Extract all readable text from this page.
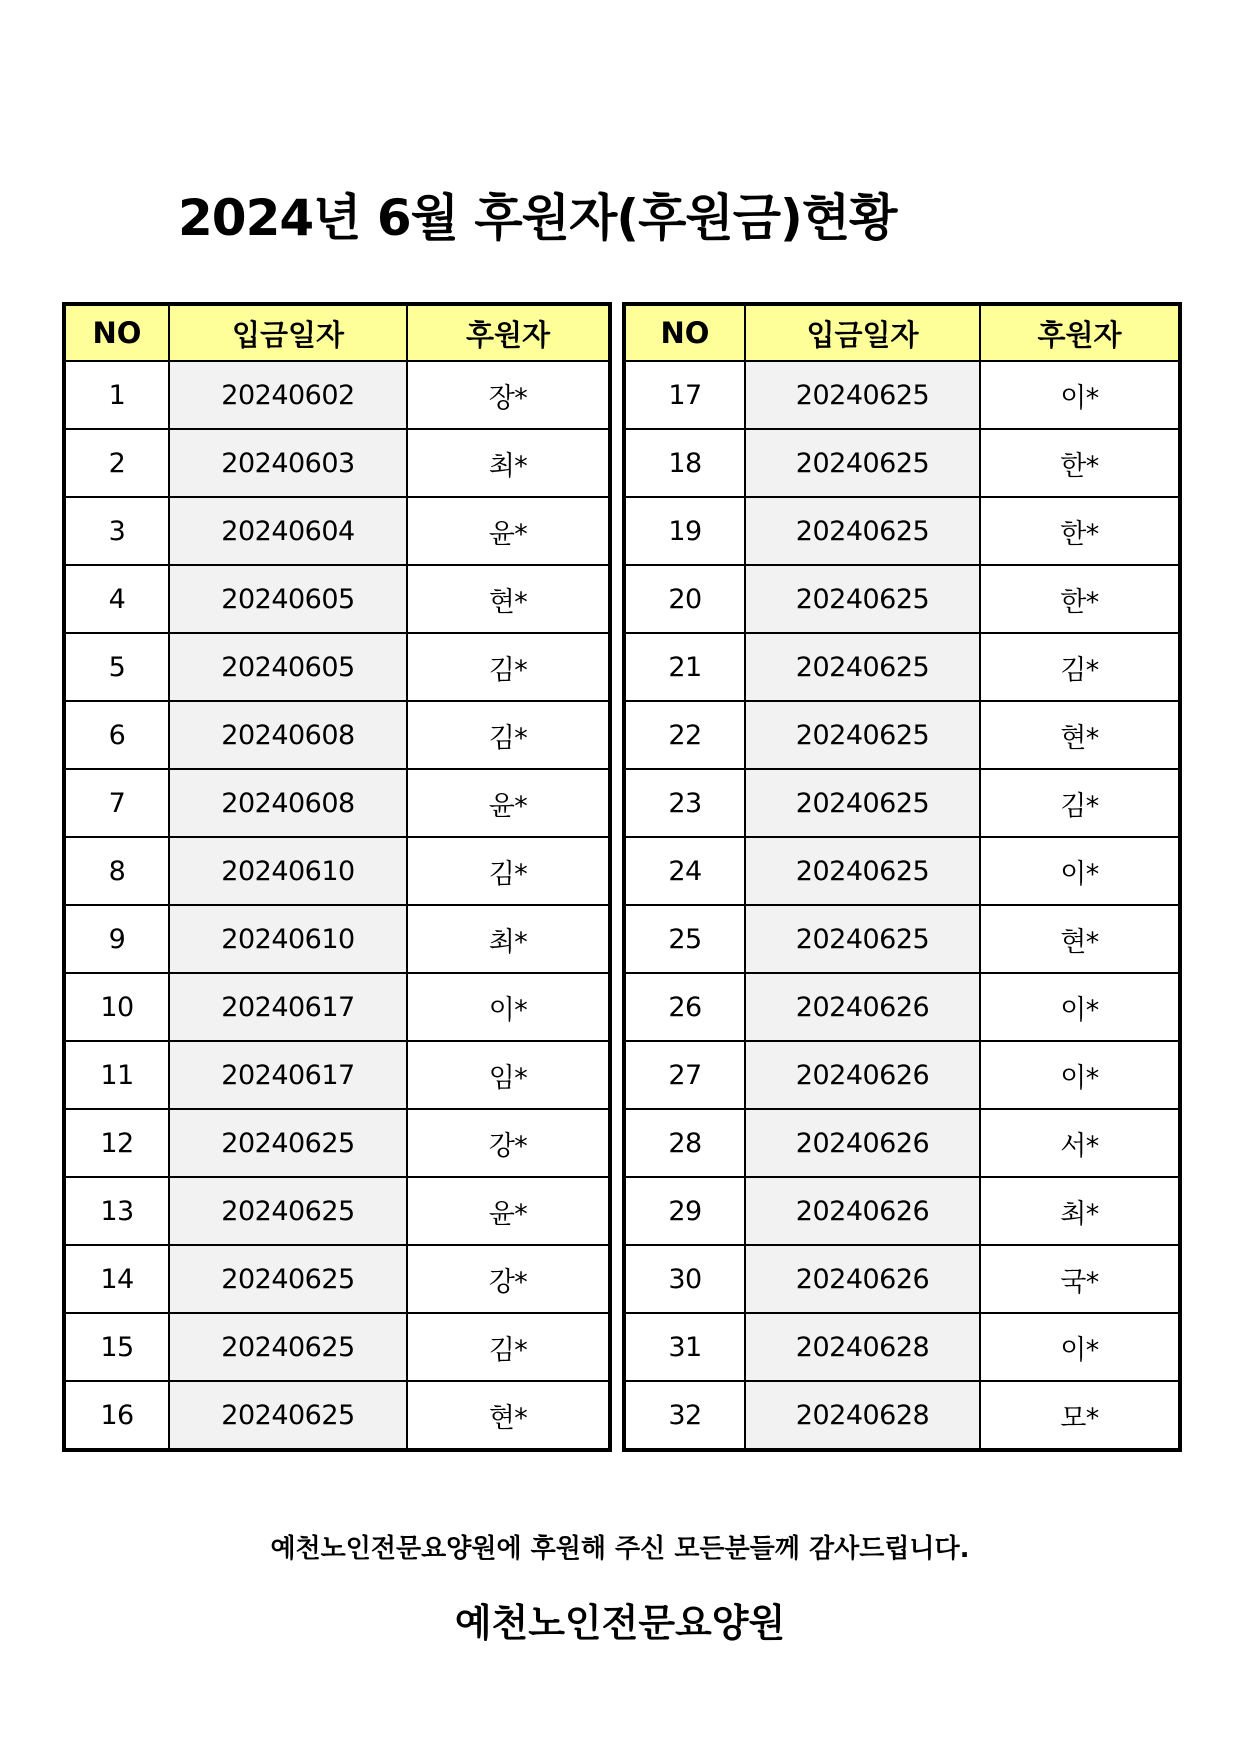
2024년 6월 후원자(후원금)현황
NO	입금일자	후원자
1	20240602	장*
2	20240603	최*
3	20240604	윤*
4	20240605	현*
5	20240605	김*
6	20240608	김*
7	20240608	윤*
8	20240610	김*
9	20240610	최*
10	20240617	이*
11	20240617	임*
12	20240625	강*
13	20240625	윤*
14	20240625	강*
15	20240625	김*
16	20240625	현*
NO	입금일자	후원자
17	20240625	이*
18	20240625	한*
19	20240625	한*
20	20240625	한*
21	20240625	김*
22	20240625	현*
23	20240625	김*
24	20240625	이*
25	20240625	현*
26	20240626	이*
27	20240626	이*
28	20240626	서*
29	20240626	최*
30	20240626	국*
31	20240628	이*
32	20240628	모*
예천노인전문요양원에 후원해 주신 모든분들께 감사드립니다.
예천노인전문요양원
